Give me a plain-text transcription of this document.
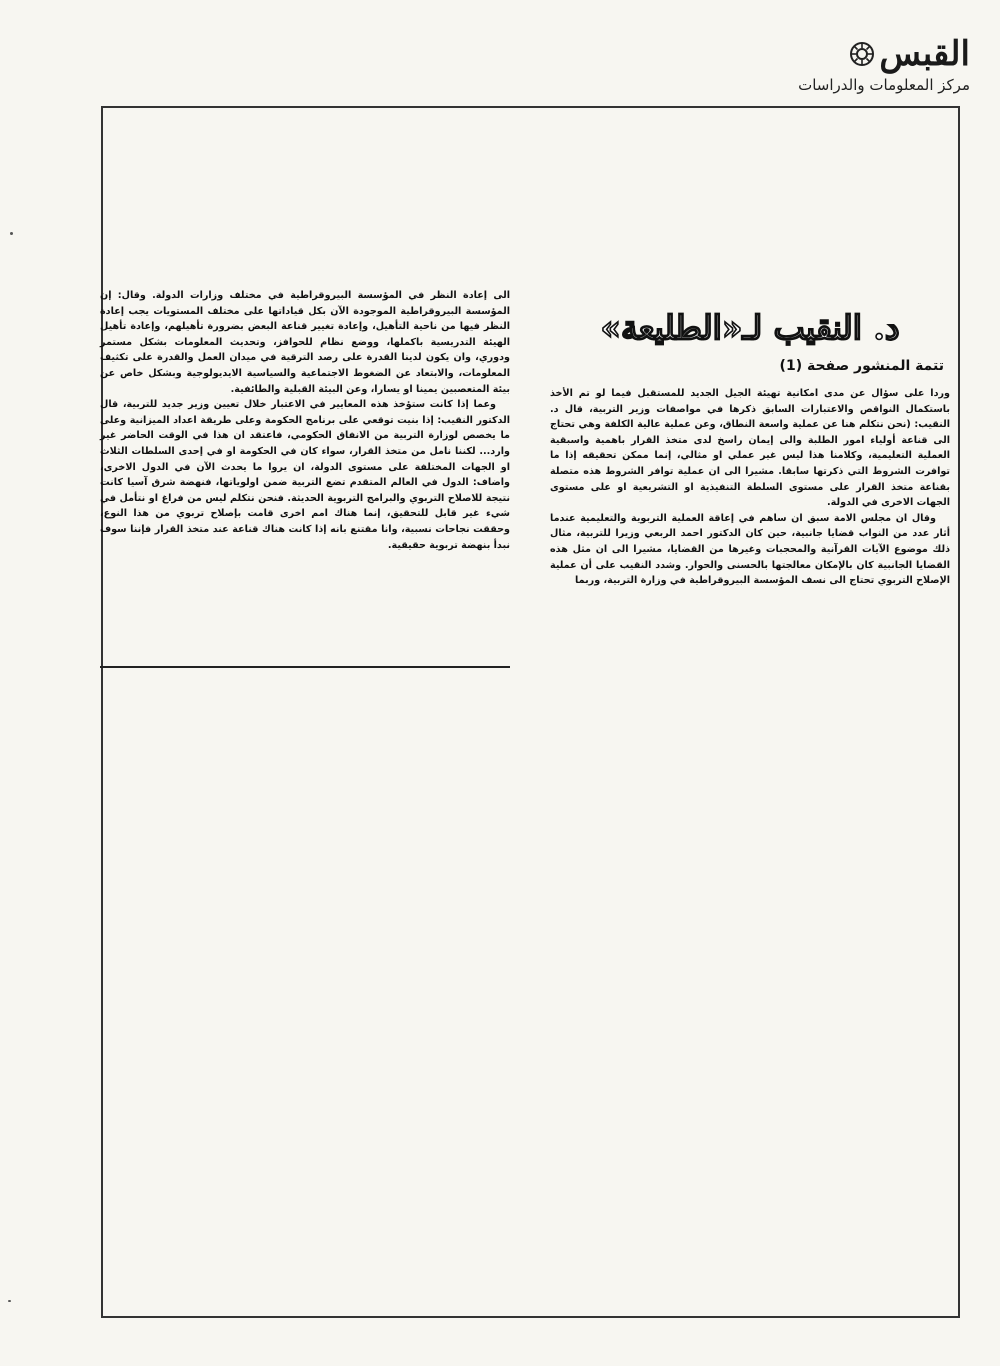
القبس
مركز المعلومات والدراسات
د. النقيب لـ«الطليعة»
تتمة المنشور صفحة (1)

وردا على سؤال عن مدى امكانية تهيئة الجيل الجديد للمستقبل فيما لو تم الأخذ باستكمال النواقص والاعتبارات السابق ذكرها في مواصفات وزير التربية، قال د. النقيب: (نحن نتكلم هنا عن عملية واسعة النطاق، وعن عملية عالية الكلفة وهي تحتاج الى قناعة أولياء امور الطلبة والى إيمان راسخ لدى متخذ القرار باهمية واسبقية العملية التعليمية، وكلامنا هذا ليس غير عملي او مثالي، إنما ممكن تحقيقه إذا ما توافرت الشروط التي ذكرتها سابقا. مشيرا الى ان عملية توافر الشروط هذه متصلة بقناعة متخذ القرار على مستوى السلطة التنفيذية او التشريعية او على مستوى الجهات الاخرى في الدولة.

وقال ان مجلس الامة سبق ان ساهم في إعاقة العملية التربوية والتعليمية عندما أثار عدد من النواب قضايا جانبية، حين كان الدكتور احمد الربعي وزيرا للتربية، مثال ذلك موضوع الآيات القرآنية والمحجبات وغيرها من القضايا، مشيرا الى ان مثل هذه القضايا الجانبية كان بالإمكان معالجتها بالحسنى والحوار. وشدد النقيب على أن عملية الإصلاح التربوي تحتاج الى نسف المؤسسة البيروقراطية في وزارة التربية، وربما

الى إعادة النظر في المؤسسة البيروقراطية في مختلف وزارات الدولة. وقال: إن المؤسسة البيروقراطية الموجودة الآن بكل قياداتها على مختلف المستويات يجب إعادة النظر فيها من ناحية التأهيل، وإعادة تغيير قناعة البعض بضرورة تأهيلهم، وإعادة تأهيل الهيئة التدريسية باكملها، ووضع نظام للحوافز، وتحديث المعلومات بشكل مستمر ودوري، وان يكون لدينا القدرة على رصد الترقية في ميدان العمل والقدرة على تكثيف المعلومات، والابتعاد عن الضغوط الاجتماعية والسياسية الايديولوجية وبشكل خاص عن بيئة المتعصبين يمينا او يسارا، وعن البيئة القبلية والطائفية.

وعما إذا كانت ستؤخذ هذه المعايير في الاعتبار خلال تعيين وزير جديد للتربية، قال الدكتور النقيب: إذا بنيت توقعي على برنامج الحكومة وعلى طريقة اعداد الميزانية وعلى ما يخصص لوزارة التربية من الانفاق الحكومي، فاعتقد ان هذا في الوقت الحاضر غير وارد... لكننا نامل من متخذ القرار، سواء كان في الحكومة او في إحدى السلطات الثلاث او الجهات المختلفة على مستوى الدولة، ان يروا ما يحدث الآن في الدول الاخرى، واضاف: الدول في العالم المتقدم تضع التربية ضمن اولوياتها، فنهضة شرق آسيا كانت نتيجة للاصلاح التربوي والبرامج التربوية الحديثة. فنحن نتكلم ليس من فراغ او نتأمل في شيء غير قابل للتحقيق، إنما هناك امم اخرى قامت بإصلاح تربوي من هذا النوع، وحققت نجاحات نسبية، وانا مقتنع بانه إذا كانت هناك قناعة عند متخذ القرار فإننا سوف نبدأ بنهضة تربوية حقيقية.
